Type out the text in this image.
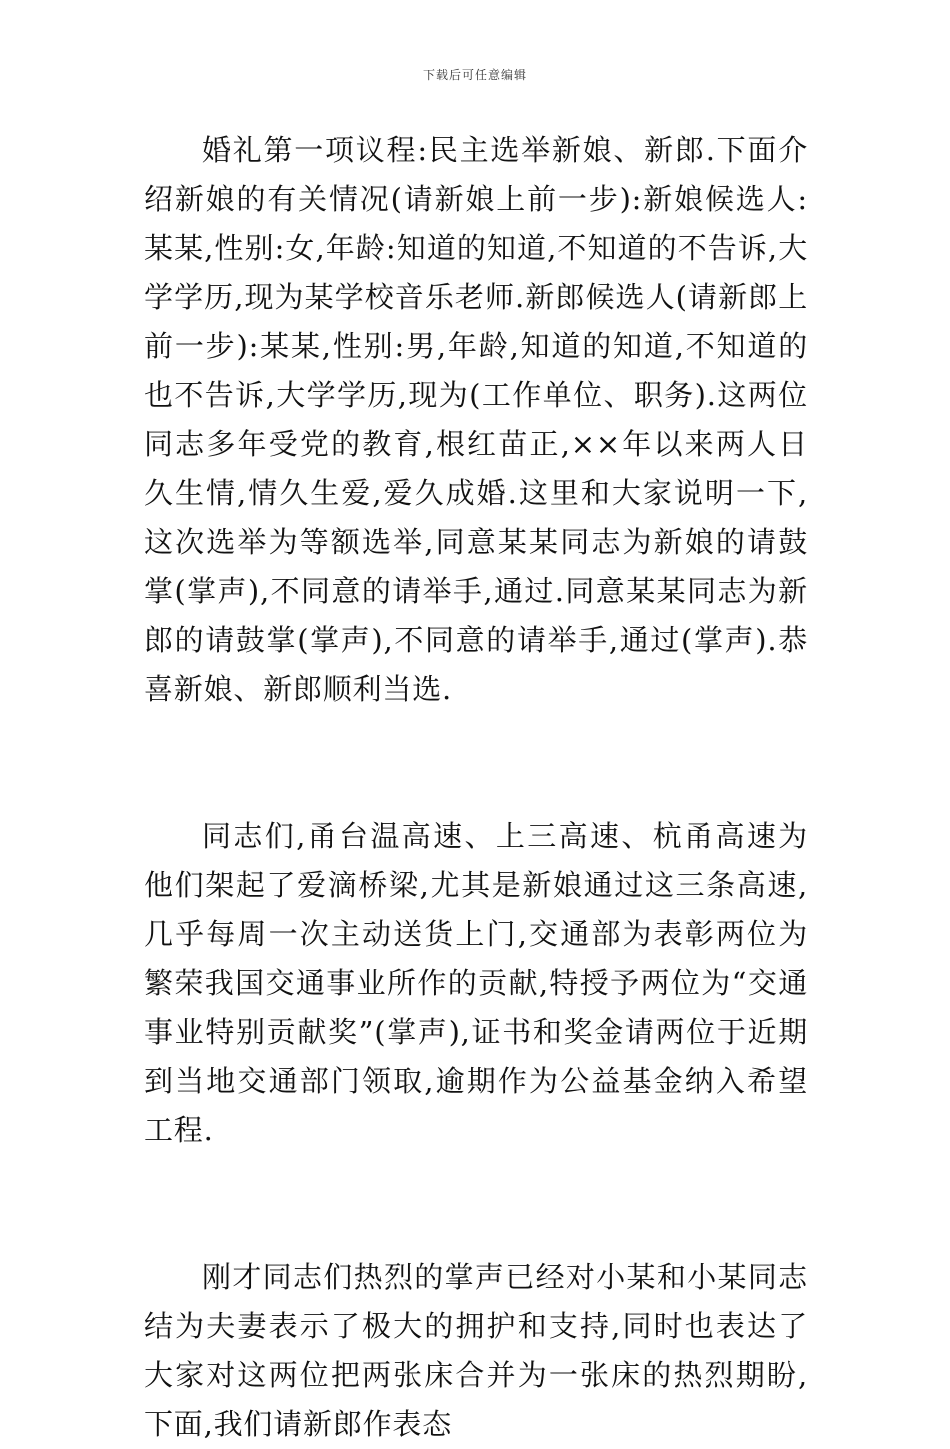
下载后可任意编辑

婚礼第一项议程:民主选举新娘、新郎.下面介绍新娘的有关情况(请新娘上前一步):新娘候选人:某某,性别:女,年龄:知道的知道,不知道的不告诉,大学学历,现为某学校音乐老师.新郎候选人(请新郎上前一步):某某,性别:男,年龄,知道的知道,不知道的也不告诉,大学学历,现为(工作单位、职务).这两位同志多年受党的教育,根红苗正,××年以来两人日久生情,情久生爱,爱久成婚.这里和大家说明一下,这次选举为等额选举,同意某某同志为新娘的请鼓掌(掌声),不同意的请举手,通过.同意某某同志为新郎的请鼓掌(掌声),不同意的请举手,通过(掌声).恭喜新娘、新郎顺利当选.

同志们,甬台温高速、上三高速、杭甬高速为他们架起了爱滴桥梁,尤其是新娘通过这三条高速,几乎每周一次主动送货上门,交通部为表彰两位为繁荣我国交通事业所作的贡献,特授予两位为“交通事业特别贡献奖”(掌声),证书和奖金请两位于近期到当地交通部门领取,逾期作为公益基金纳入希望工程.

刚才同志们热烈的掌声已经对小某和小某同志结为夫妻表示了极大的拥护和支持,同时也表达了大家对这两位把两张床合并为一张床的热烈期盼,下面,我们请新郎作表态
